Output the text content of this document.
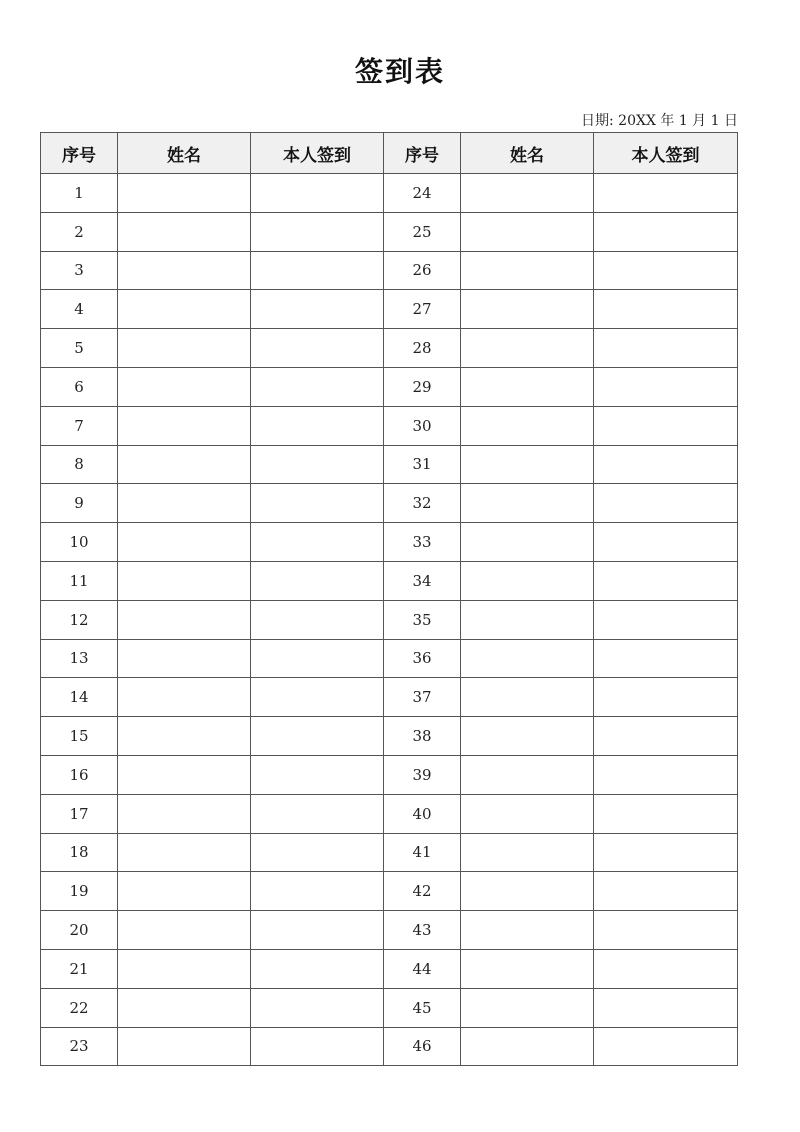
签到表
日期: 20XX 年 1 月 1 日
序号	姓名	本人签到	序号	姓名	本人签到
1			24		
2			25		
3			26		
4			27		
5			28		
6			29		
7			30		
8			31		
9			32		
10			33		
11			34		
12			35		
13			36		
14			37		
15			38		
16			39		
17			40		
18			41		
19			42		
20			43		
21			44		
22			45		
23			46		
